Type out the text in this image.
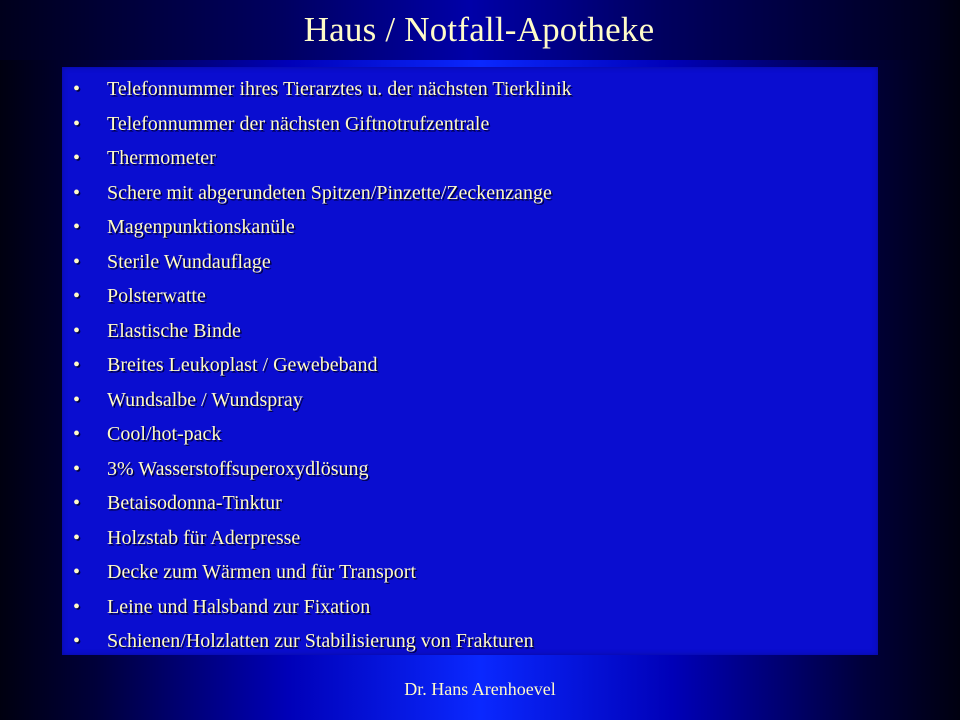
Haus / Notfall-Apotheke
• Telefonnummer ihres Tierarztes u. der nächsten Tierklinik
• Telefonnummer der nächsten Giftnotrufzentrale
• Thermometer
• Schere mit abgerundeten Spitzen/Pinzette/Zeckenzange
• Magenpunktionskanüle
• Sterile Wundauflage
• Polsterwatte
• Elastische Binde
• Breites Leukoplast / Gewebeband
• Wundsalbe / Wundspray
• Cool/hot-pack
• 3% Wasserstoffsuperoxydlösung
• Betaisodonna-Tinktur
• Holzstab für Aderpresse
• Decke zum Wärmen und für Transport
• Leine und Halsband zur Fixation
• Schienen/Holzlatten zur Stabilisierung von Frakturen
Dr. Hans Arenhoevel
